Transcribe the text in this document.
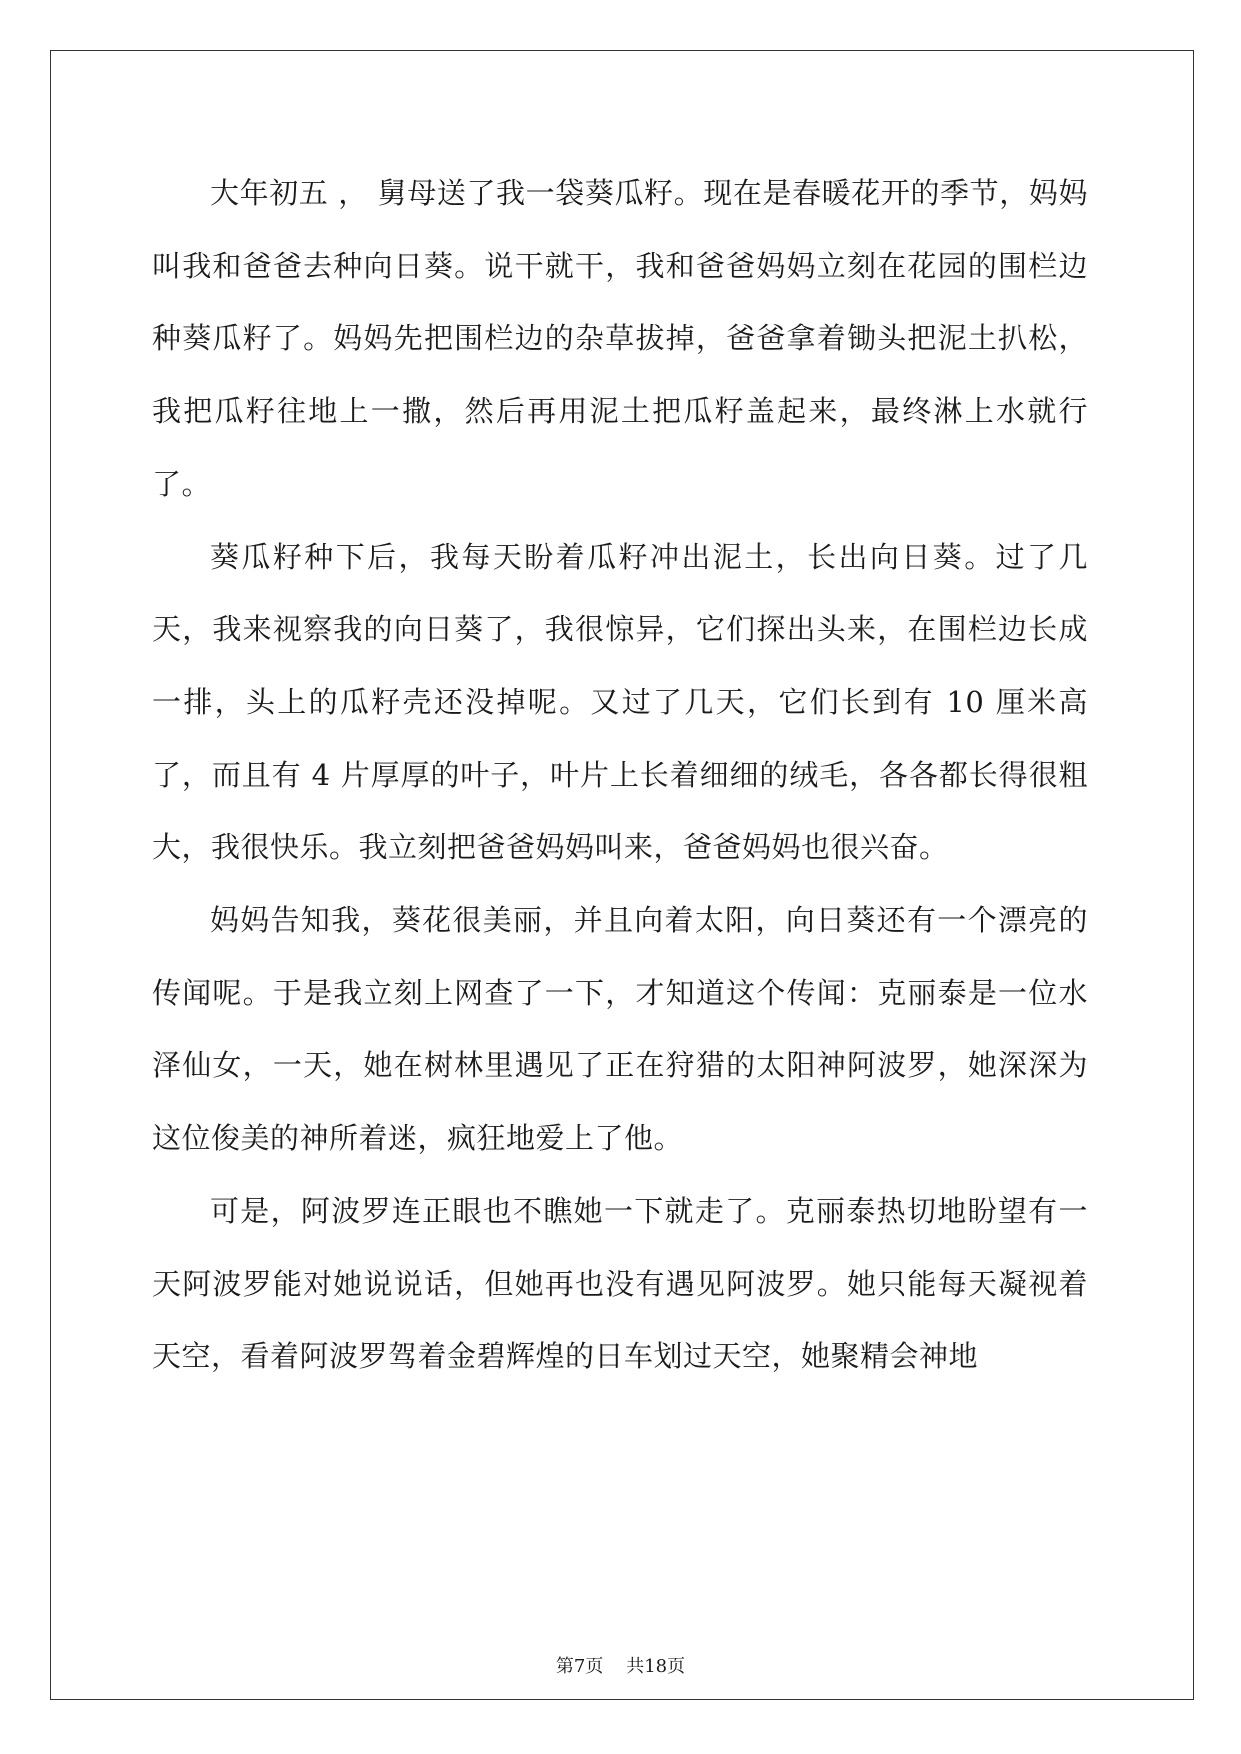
大年初五 ， 舅母送了我一袋葵瓜籽。现在是春暖花开的季节，妈妈叫我和爸爸去种向日葵。说干就干，我和爸爸妈妈立刻在花园的围栏边种葵瓜籽了。妈妈先把围栏边的杂草拔掉，爸爸拿着锄头把泥土扒松，我把瓜籽往地上一撒，然后再用泥土把瓜籽盖起来，最终淋上水就行了。

葵瓜籽种下后，我每天盼着瓜籽冲出泥土，长出向日葵。过了几天，我来视察我的向日葵了，我很惊异，它们探出头来，在围栏边长成一排，头上的瓜籽壳还没掉呢。又过了几天，它们长到有 10 厘米高了，而且有 4 片厚厚的叶子，叶片上长着细细的绒毛，各各都长得很粗大，我很快乐。我立刻把爸爸妈妈叫来，爸爸妈妈也很兴奋。

妈妈告知我，葵花很美丽，并且向着太阳，向日葵还有一个漂亮的传闻呢。于是我立刻上网查了一下，才知道这个传闻：克丽泰是一位水泽仙女，一天，她在树林里遇见了正在狩猎的太阳神阿波罗，她深深为这位俊美的神所着迷，疯狂地爱上了他。

可是，阿波罗连正眼也不瞧她一下就走了。克丽泰热切地盼望有一天阿波罗能对她说说话，但她再也没有遇见阿波罗。她只能每天凝视着天空，看着阿波罗驾着金碧辉煌的日车划过天空，她聚精会神地

第7页 共18页
